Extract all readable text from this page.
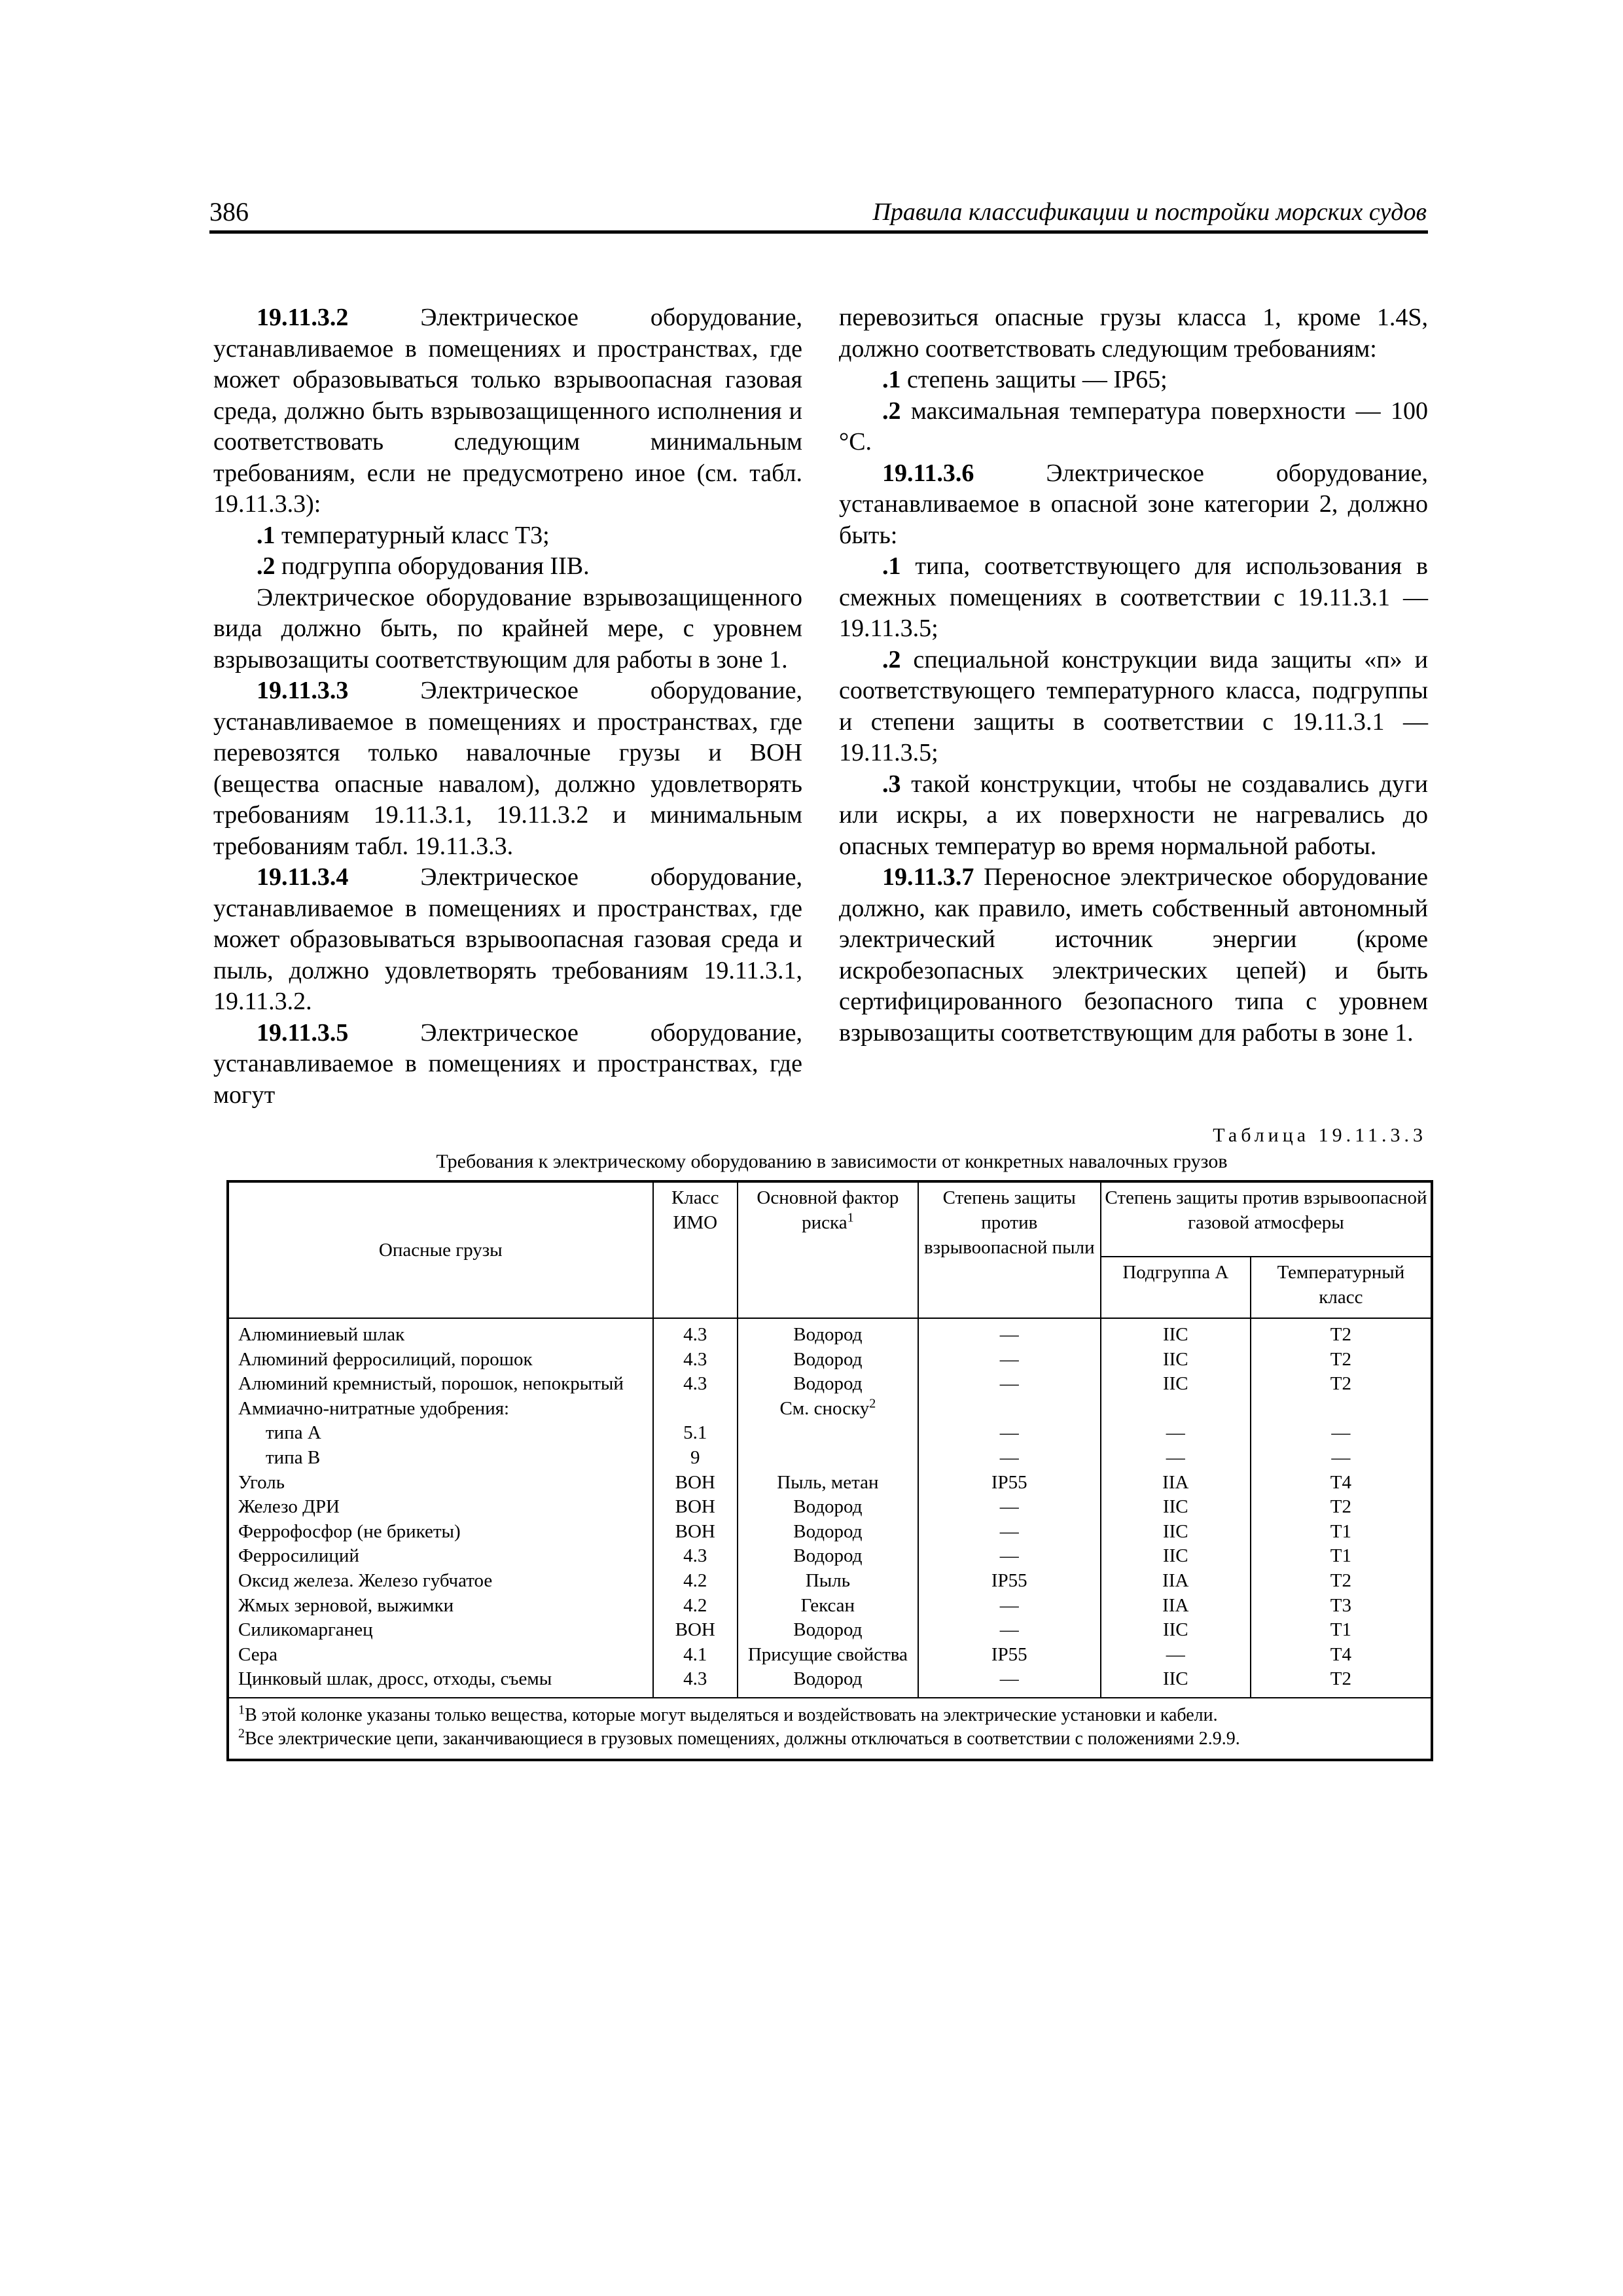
386	Правила классификации и постройки морских судов

19.11.3.2 Электрическое оборудование, устанавливаемое в помещениях и пространствах, где может образовываться только взрывоопасная газовая среда, должно быть взрывозащищенного исполнения и соответствовать следующим минимальным требованиям, если не предусмотрено иное (см. табл. 19.11.3.3):

.1 температурный класс Т3;

.2 подгруппа оборудования IIВ.

Электрическое оборудование взрывозащищенного вида должно быть, по крайней мере, с уровнем взрывозащиты соответствующим для работы в зоне 1.

19.11.3.3 Электрическое оборудование, устанавливаемое в помещениях и пространствах, где перевозятся только навалочные грузы и ВОН (вещества опасные навалом), должно удовлетворять требованиям 19.11.3.1, 19.11.3.2 и минимальным требованиям табл. 19.11.3.3.

19.11.3.4 Электрическое оборудование, устанавливаемое в помещениях и пространствах, где может образовываться взрывоопасная газовая среда и пыль, должно удовлетворять требованиям 19.11.3.1, 19.11.3.2.

19.11.3.5 Электрическое оборудование, устанавливаемое в помещениях и пространствах, где могут

перевозиться опасные грузы класса 1, кроме 1.4S, должно соответствовать следующим требованиям:

.1 степень защиты — IP65;

.2 максимальная температура поверхности — 100 °С.

19.11.3.6 Электрическое оборудование, устанавливаемое в опасной зоне категории 2, должно быть:

.1 типа, соответствующего для использования в смежных помещениях в соответствии с 19.11.3.1 — 19.11.3.5;

.2 специальной конструкции вида защиты «п» и соответствующего температурного класса, подгруппы и степени защиты в соответствии с 19.11.3.1 — 19.11.3.5;

.3 такой конструкции, чтобы не создавались дуги или искры, а их поверхности не нагревались до опасных температур во время нормальной работы.

19.11.3.7 Переносное электрическое оборудование должно, как правило, иметь собственный автономный электрический источник энергии (кроме искробезопасных электрических цепей) и быть сертифицированного безопасного типа с уровнем взрывозащиты соответствующим для работы в зоне 1.

Таблица 19.11.3.3
Требования к электрическому оборудованию в зависимости от конкретных навалочных грузов
Опасные грузы	Класс ИМО	Основной фактор риска$^1$	Степень защиты против взрывоопасной пыли	Степень защиты против взрывоопасной газовой атмосферы	
				Подгруппа А	Температурный класс
Алюминиевый шлак	4.3	Водород	—	IIC	T2
Алюминий ферросилиций, порошок	4.3	Водород	—	IIC	T2
Алюминий кремнистый, порошок, непокрытый	4.3	Водород	—	IIC	T2
Аммиачно-нитратные удобрения:		См. сноску$^2$			
типа А	5.1		—	—	—
типа В	9		—	—	—
Уголь	ВОН	Пыль, метан	IP55	IIA	T4
Железо ДРИ	ВОН	Водород	—	IIC	T2
Феррофосфор (не брикеты)	ВОН	Водород	—	IIC	T1
Ферросилиций	4.3	Водород	—	IIC	T1
Оксид железа. Железо губчатое	4.2	Пыль	IP55	IIA	T2
Жмых зерновой, выжимки	4.2	Гексан	—	IIA	T3
Силикомарганец	ВОН	Водород	—	IIC	T1
Сера	4.1	Присущие свойства	IP55	—	T4
Цинковый шлак, дросс, отходы, съемы	4.3	Водород	—	IIC	T2

$^1$В этой колонке указаны только вещества, которые могут выделяться и воздействовать на электрические установки и кабели.
$^2$Все электрические цепи, заканчивающиеся в грузовых помещениях, должны отключаться в соответствии с положениями 2.9.9.					
